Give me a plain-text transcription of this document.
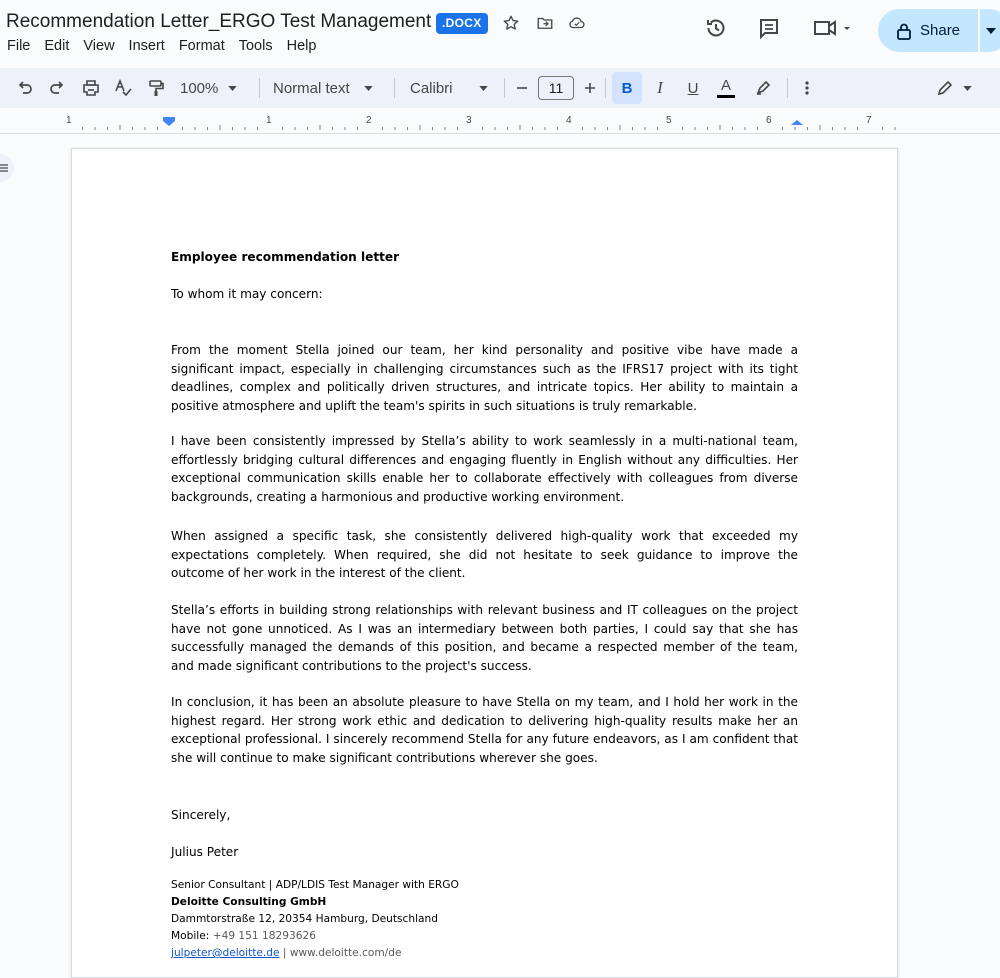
Recommendation Letter_ERGO Test Management .DOCX
File Edit View Insert Format Tools Help
Share
100%	Normal text	Calibri	11	B	I	U	A
1	1	2	3	4	5	6	7
Employee recommendation letter
To whom it may concern:
From the moment Stella joined our team, her kind personality and positive vibe have made a significant impact, especially in challenging circumstances such as the IFRS17 project with its tight deadlines, complex and politically driven structures, and intricate topics. Her ability to maintain a positive atmosphere and uplift the team's spirits in such situations is truly remarkable.
I have been consistently impressed by Stella’s ability to work seamlessly in a multi-national team, effortlessly bridging cultural differences and engaging fluently in English without any difficulties. Her exceptional communication skills enable her to collaborate effectively with colleagues from diverse backgrounds, creating a harmonious and productive working environment.
When assigned a specific task, she consistently delivered high-quality work that exceeded my expectations completely. When required, she did not hesitate to seek guidance to improve the outcome of her work in the interest of the client.
Stella’s efforts in building strong relationships with relevant business and IT colleagues on the project have not gone unnoticed. As I was an intermediary between both parties, I could say that she has successfully managed the demands of this position, and became a respected member of the team, and made significant contributions to the project's success.
In conclusion, it has been an absolute pleasure to have Stella on my team, and I hold her work in the highest regard. Her strong work ethic and dedication to delivering high-quality results make her an exceptional professional. I sincerely recommend Stella for any future endeavors, as I am confident that she will continue to make significant contributions wherever she goes.
Sincerely,
Julius Peter
Senior Consultant | ADP/LDIS Test Manager with ERGO
Deloitte Consulting GmbH
Dammtorstraße 12, 20354 Hamburg, Deutschland
Mobile: +49 151 18293626
julpeter@deloitte.de | www.deloitte.com/de
